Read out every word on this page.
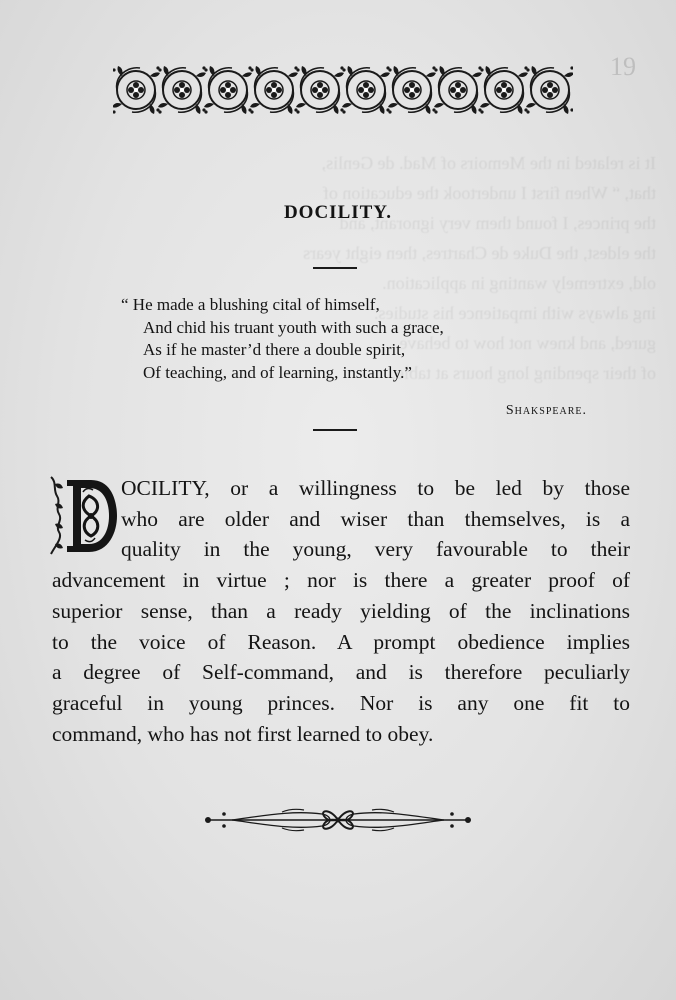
It is related in the Memoirs of Mad. de Genlis,
that, “ When first I undertook the education of
the princes, I found them very ignorant, and
the eldest, the Duke de Chartres, then eight years
old, extremely wanting in application.
ing always with impatience his studies.
gured, and knew not how to behave.
of their spending long hours at table.
19
DOCILITY.
“ He made a blushing cital of himself,
And chid his truant youth with such a grace,
As if he master’d there a double spirit,
Of teaching, and of learning, instantly.”
Shakspeare.
OCILITY, or a willingness to be led by those
who are older and wiser than themselves, is a
quality in the young, very favourable to their
advancement in virtue ; nor is there a greater proof of
superior sense, than a ready yielding of the inclinations
to the voice of Reason. A prompt obedience implies
a degree of Self-command, and is therefore peculiarly
graceful in young princes. Nor is any one fit to
command, who has not first learned to obey.
